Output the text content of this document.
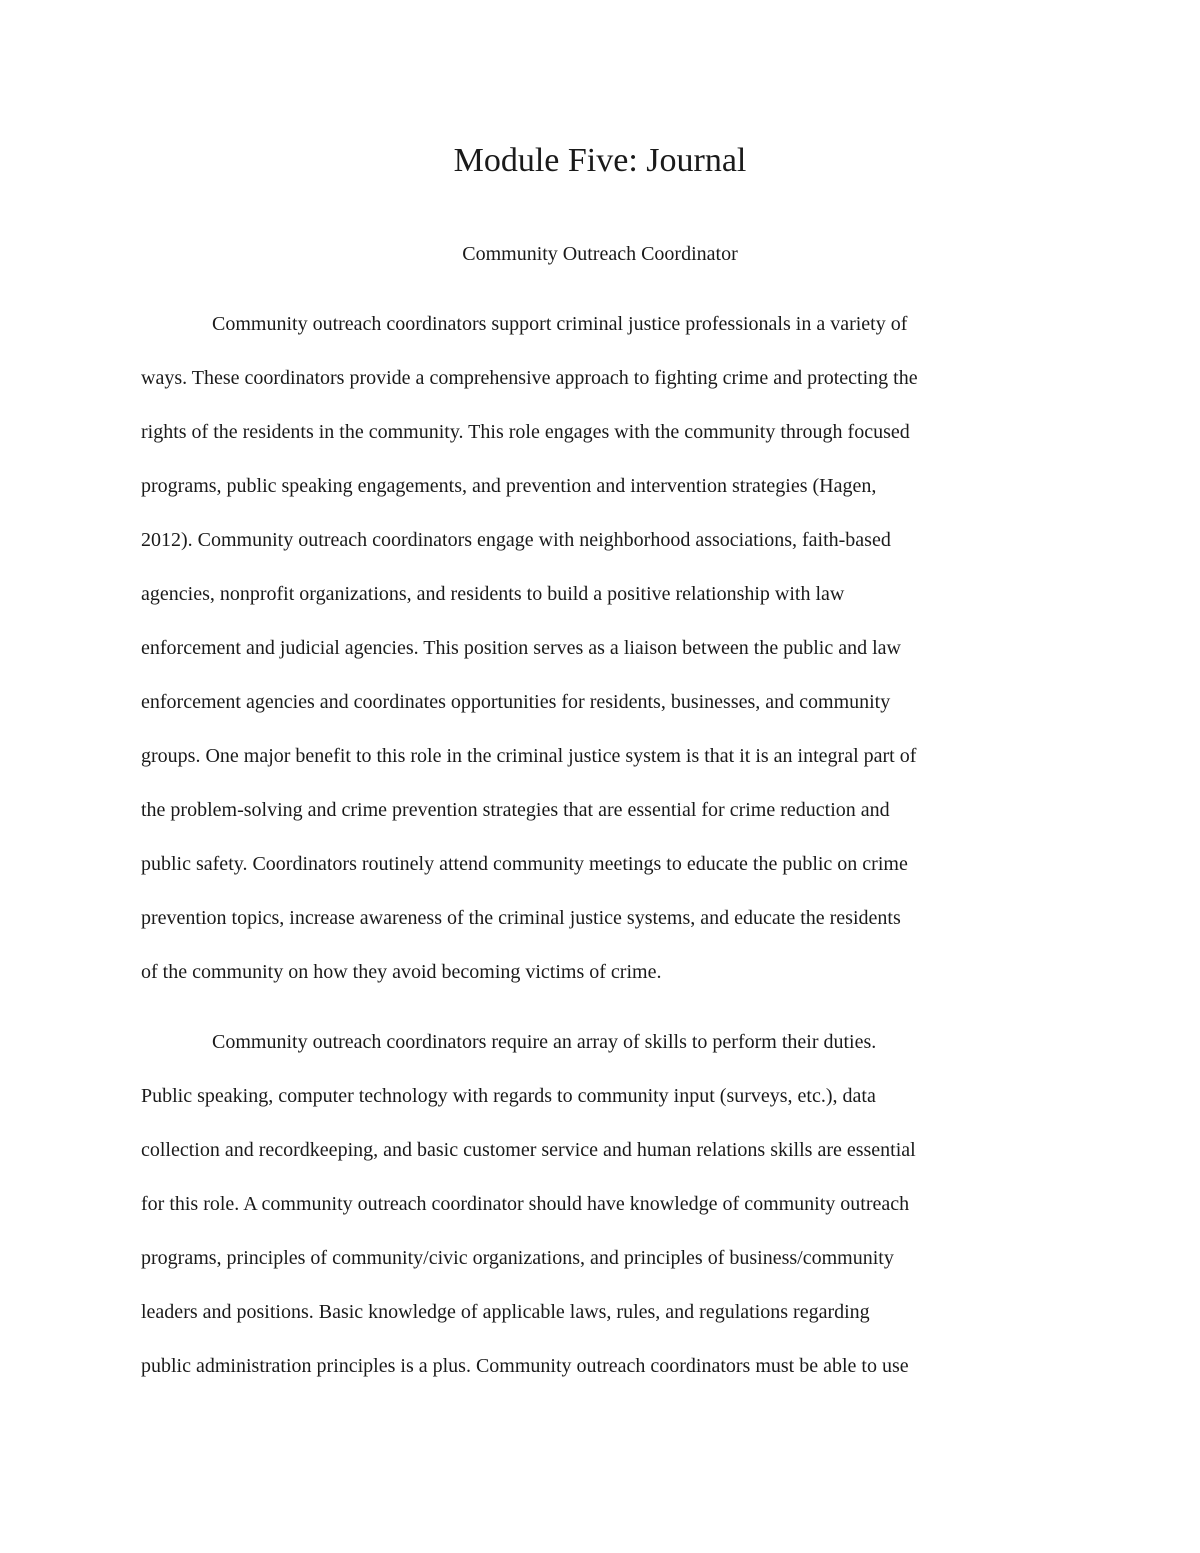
Module Five: Journal
Community Outreach Coordinator

Community outreach coordinators support criminal justice professionals in a variety of

ways. These coordinators provide a comprehensive approach to fighting crime and protecting the

rights of the residents in the community. This role engages with the community through focused

programs, public speaking engagements, and prevention and intervention strategies (Hagen,

2012). Community outreach coordinators engage with neighborhood associations, faith-based

agencies, nonprofit organizations, and residents to build a positive relationship with law

enforcement and judicial agencies. This position serves as a liaison between the public and law

enforcement agencies and coordinates opportunities for residents, businesses, and community

groups. One major benefit to this role in the criminal justice system is that it is an integral part of

the problem-solving and crime prevention strategies that are essential for crime reduction and

public safety. Coordinators routinely attend community meetings to educate the public on crime

prevention topics, increase awareness of the criminal justice systems, and educate the residents

of the community on how they avoid becoming victims of crime.

Community outreach coordinators require an array of skills to perform their duties.

Public speaking, computer technology with regards to community input (surveys, etc.), data

collection and recordkeeping, and basic customer service and human relations skills are essential

for this role. A community outreach coordinator should have knowledge of community outreach

programs, principles of community/civic organizations, and principles of business/community

leaders and positions. Basic knowledge of applicable laws, rules, and regulations regarding

public administration principles is a plus. Community outreach coordinators must be able to use
